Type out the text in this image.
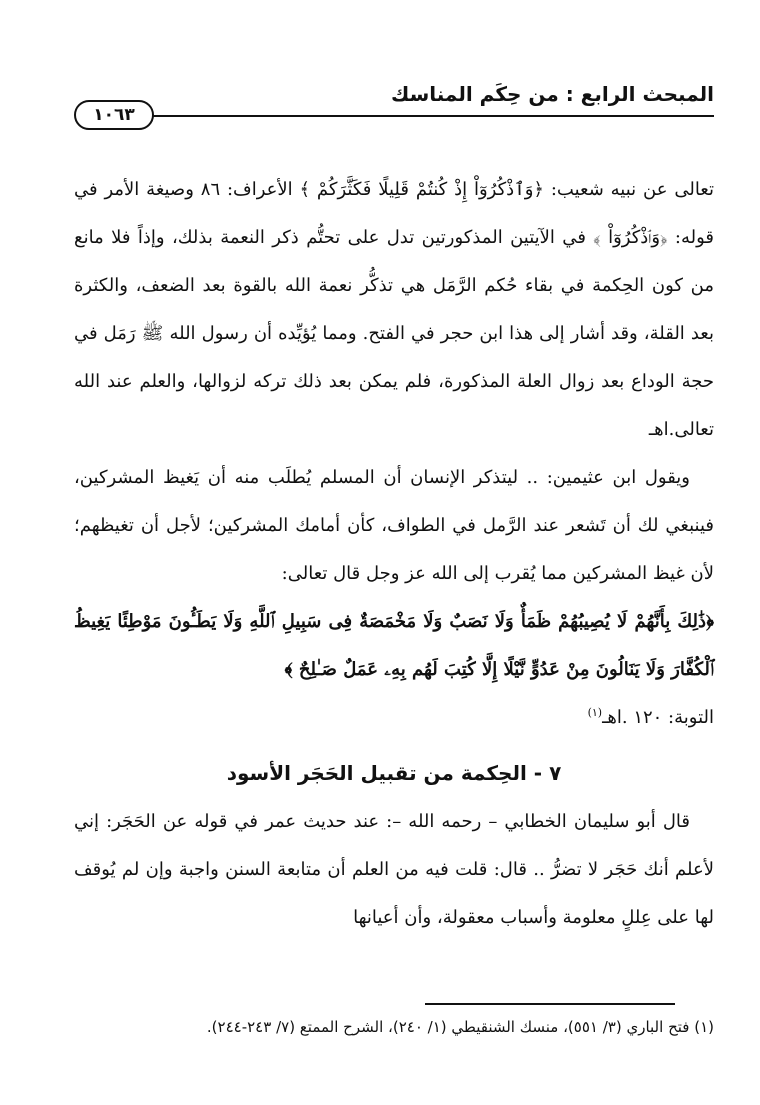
المبحث الرابع : من حِكَم المناسك
١٠٦٣

تعالى عن نبيه شعيب: ﴿وَٱذْكُرُوٓاْ إِذْ كُنتُمْ قَلِيلًا فَكَثَّرَكُمْ ﴾ الأعراف: ٨٦ وصيغة الأمر في قوله: ﴿وَٱذْكُرُوٓاْ ﴾ في الآيتين المذكورتين تدل على تحتُّم ذكر النعمة بذلك، وإذاً فلا مانع من كون الحِكمة في بقاء حُكم الرَّمَل هي تذكُّر نعمة الله بالقوة بعد الضعف، والكثرة بعد القلة، وقد أشار إلى هذا ابن حجر في الفتح. ومما يُؤيِّده أن رسول الله ﷺ رَمَل في حجة الوداع بعد زوال العلة المذكورة، فلم يمكن بعد ذلك تركه لزوالها، والعلم عند الله تعالى.اهـ

ويقول ابن عثيمين: .. ليتذكر الإنسان أن المسلم يُطلَب منه أن يَغيظ المشركين، فينبغي لك أن تَشعر عند الرَّمل في الطواف، كأن أمامك المشركين؛ لأجل أن تغيظهم؛ لأن غيظ المشركين مما يُقرب إلى الله عز وجل قال تعالى:

﴿ذَٰلِكَ بِأَنَّهُمْ لَا يُصِيبُهُمْ ظَمَأٌ وَلَا نَصَبٌ وَلَا مَخْمَصَةٌ فِى سَبِيلِ ٱللَّهِ وَلَا يَطَـُٔونَ مَوْطِئًا يَغِيظُ ٱلْكُفَّارَ وَلَا يَنَالُونَ مِنْ عَدُوٍّ نَّيْلًا إِلَّا كُتِبَ لَهُم بِهِۦ عَمَلٌ صَـٰلِحٌ ﴾

التوبة: ١٢٠ .اهـ$^{(١)}$

٧ - الحِكمة من تقبيل الحَجَر الأسود

قال أبو سليمان الخطابي – رحمه الله –: عند حديث عمر في قوله عن الحَجَر: إني لأعلم أنك حَجَر لا تضرُّ .. قال: قلت فيه من العلم أن متابعة السنن واجبة وإن لم يُوقف لها على عِللٍ معلومة وأسباب معقولة، وأن أعيانها

(١) فتح الباري (٣/ ٥٥١)، منسك الشنقيطي (١/ ٢٤٠)، الشرح الممتع (٧/ ٢٤٣-٢٤٤).
